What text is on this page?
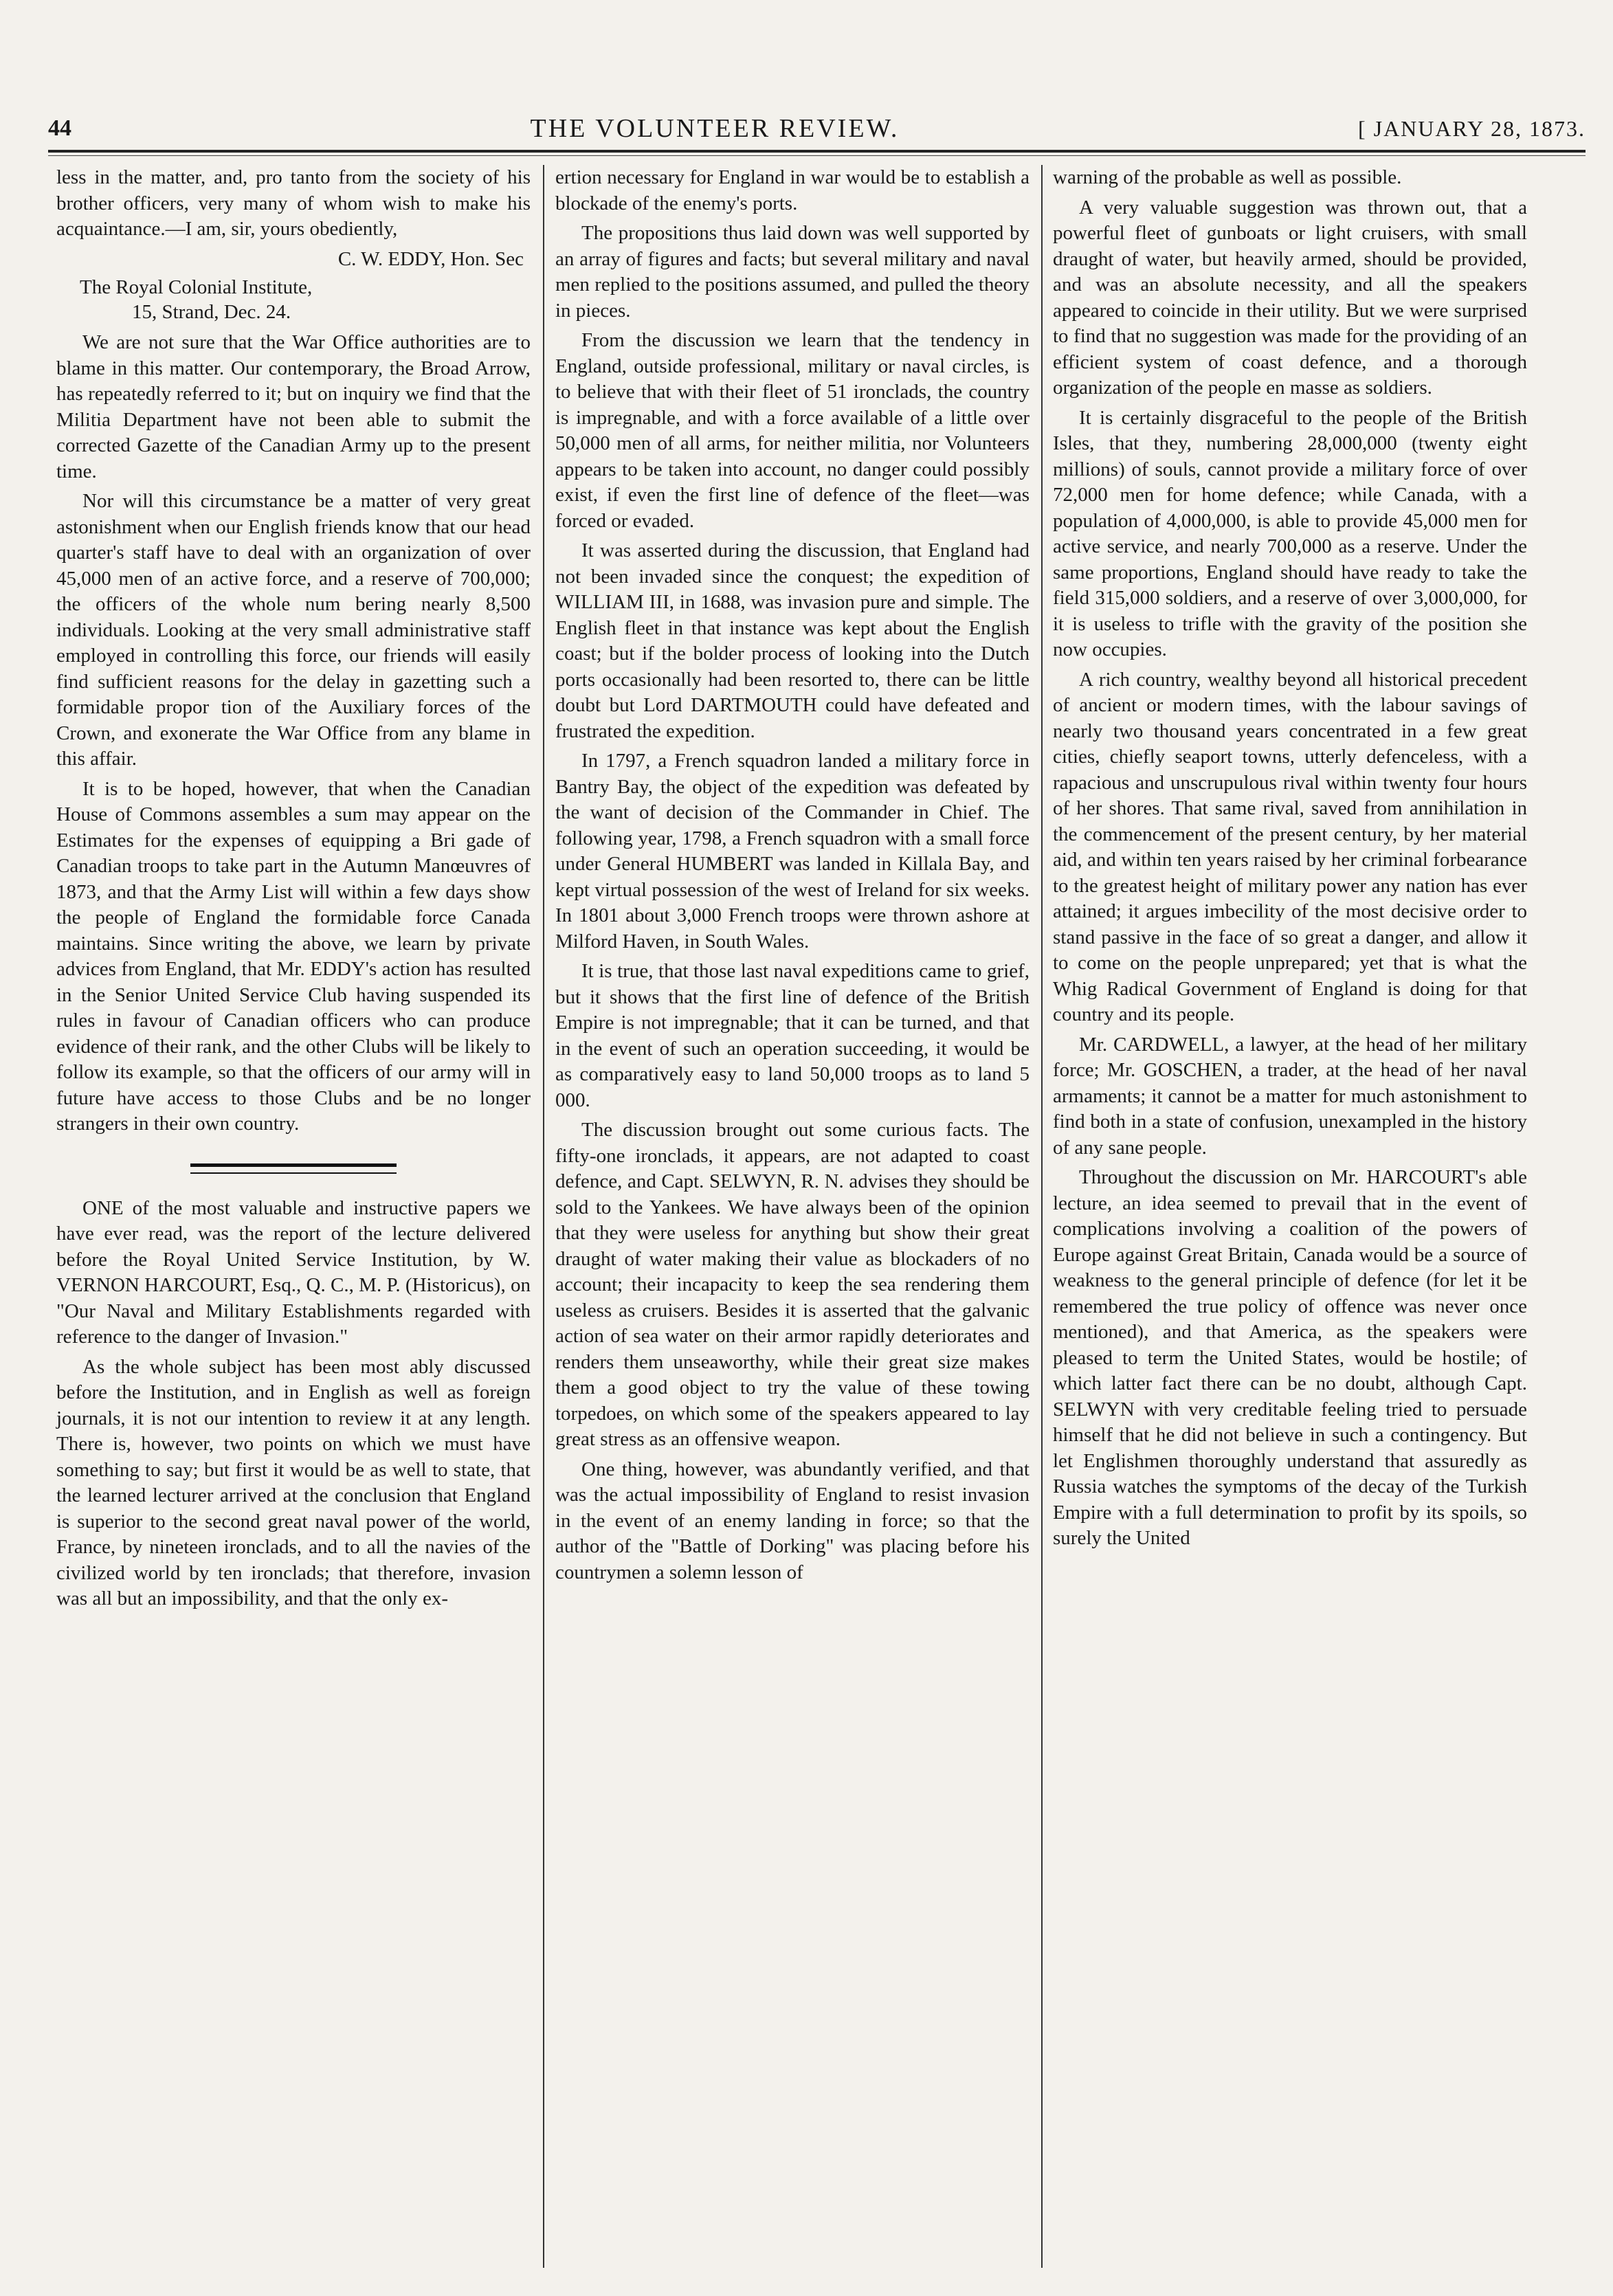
44	THE VOLUNTEER REVIEW.	[ JANUARY 28, 1873.

less in the matter, and, pro tanto from the society of his brother officers, very many of whom wish to make his acquaintance.—I am, sir, yours obediently,

C. W. EDDY, Hon. Sec
The Royal Colonial Institute,
15, Strand, Dec. 24.

We are not sure that the War Office authorities are to blame in this matter. Our contemporary, the Broad Arrow, has repeatedly referred to it; but on inquiry we find that the Militia Department have not been able to submit the corrected Gazette of the Canadian Army up to the present time.

Nor will this circumstance be a matter of very great astonishment when our English friends know that our head quarter's staff have to deal with an organization of over 45,000 men of an active force, and a reserve of 700,000; the officers of the whole num bering nearly 8,500 individuals. Looking at the very small administrative staff employed in controlling this force, our friends will easily find sufficient reasons for the delay in gazetting such a formidable propor tion of the Auxiliary forces of the Crown, and exonerate the War Office from any blame in this affair.

It is to be hoped, however, that when the Canadian House of Commons assembles a sum may appear on the Estimates for the expenses of equipping a Bri gade of Canadian troops to take part in the Autumn Manœuvres of 1873, and that the Army List will within a few days show the people of England the formidable force Canada maintains. Since writing the above, we learn by private advices from England, that Mr. EDDY's action has resulted in the Senior United Service Club having suspended its rules in favour of Canadian officers who can produce evidence of their rank, and the other Clubs will be likely to follow its example, so that the officers of our army will in future have access to those Clubs and be no longer strangers in their own country.

ONE of the most valuable and instructive papers we have ever read, was the report of the lecture delivered before the Royal United Service Institution, by W. VERNON HARCOURT, Esq., Q. C., M. P. (Historicus), on "Our Naval and Military Establishments regarded with reference to the danger of Invasion."

As the whole subject has been most ably discussed before the Institution, and in English as well as foreign journals, it is not our intention to review it at any length. There is, however, two points on which we must have something to say; but first it would be as well to state, that the learned lecturer arrived at the conclusion that England is superior to the second great naval power of the world, France, by nineteen ironclads, and to all the navies of the civilized world by ten ironclads; that therefore, invasion was all but an impossibility, and that the only ex-

ertion necessary for England in war would be to establish a blockade of the enemy's ports.

The propositions thus laid down was well supported by an array of figures and facts; but several military and naval men replied to the positions assumed, and pulled the theory in pieces.

From the discussion we learn that the tendency in England, outside professional, military or naval circles, is to believe that with their fleet of 51 ironclads, the country is impregnable, and with a force available of a little over 50,000 men of all arms, for neither militia, nor Volunteers appears to be taken into account, no danger could possibly exist, if even the first line of defence of the fleet—was forced or evaded.

It was asserted during the discussion, that England had not been invaded since the conquest; the expedition of WILLIAM III, in 1688, was invasion pure and simple. The English fleet in that instance was kept about the English coast; but if the bolder process of looking into the Dutch ports occasionally had been resorted to, there can be little doubt but Lord DARTMOUTH could have defeated and frustrated the expedition.

In 1797, a French squadron landed a military force in Bantry Bay, the object of the expedition was defeated by the want of decision of the Commander in Chief. The following year, 1798, a French squadron with a small force under General HUMBERT was landed in Killala Bay, and kept virtual possession of the west of Ireland for six weeks. In 1801 about 3,000 French troops were thrown ashore at Milford Haven, in South Wales.

It is true, that those last naval expeditions came to grief, but it shows that the first line of defence of the British Empire is not impregnable; that it can be turned, and that in the event of such an operation succeeding, it would be as comparatively easy to land 50,000 troops as to land 5 000.

The discussion brought out some curious facts. The fifty-one ironclads, it appears, are not adapted to coast defence, and Capt. SELWYN, R. N. advises they should be sold to the Yankees. We have always been of the opinion that they were useless for anything but show their great draught of water making their value as blockaders of no account; their incapacity to keep the sea rendering them useless as cruisers. Besides it is asserted that the galvanic action of sea water on their armor rapidly deteriorates and renders them unseaworthy, while their great size makes them a good object to try the value of these towing torpedoes, on which some of the speakers appeared to lay great stress as an offensive weapon.

One thing, however, was abundantly verified, and that was the actual impossibility of England to resist invasion in the event of an enemy landing in force; so that the author of the "Battle of Dorking" was placing before his countrymen a solemn lesson of

warning of the probable as well as possible.

A very valuable suggestion was thrown out, that a powerful fleet of gunboats or light cruisers, with small draught of water, but heavily armed, should be provided, and was an absolute necessity, and all the speakers appeared to coincide in their utility. But we were surprised to find that no suggestion was made for the providing of an efficient system of coast defence, and a thorough organization of the people en masse as soldiers.

It is certainly disgraceful to the people of the British Isles, that they, numbering 28,000,000 (twenty eight millions) of souls, cannot provide a military force of over 72,000 men for home defence; while Canada, with a population of 4,000,000, is able to provide 45,000 men for active service, and nearly 700,000 as a reserve. Under the same proportions, England should have ready to take the field 315,000 soldiers, and a reserve of over 3,000,000, for it is useless to trifle with the gravity of the position she now occupies.

A rich country, wealthy beyond all historical precedent of ancient or modern times, with the labour savings of nearly two thousand years concentrated in a few great cities, chiefly seaport towns, utterly defenceless, with a rapacious and unscrupulous rival within twenty four hours of her shores. That same rival, saved from annihilation in the commencement of the present century, by her material aid, and within ten years raised by her criminal forbearance to the greatest height of military power any nation has ever attained; it argues imbecility of the most decisive order to stand passive in the face of so great a danger, and allow it to come on the people unprepared; yet that is what the Whig Radical Government of England is doing for that country and its people.

Mr. CARDWELL, a lawyer, at the head of her military force; Mr. GOSCHEN, a trader, at the head of her naval armaments; it cannot be a matter for much astonishment to find both in a state of confusion, unexampled in the history of any sane people.

Throughout the discussion on Mr. HARCOURT's able lecture, an idea seemed to prevail that in the event of complications involving a coalition of the powers of Europe against Great Britain, Canada would be a source of weakness to the general principle of defence (for let it be remembered the true policy of offence was never once mentioned), and that America, as the speakers were pleased to term the United States, would be hostile; of which latter fact there can be no doubt, although Capt. SELWYN with very creditable feeling tried to persuade himself that he did not believe in such a contingency. But let Englishmen thoroughly understand that assuredly as Russia watches the symptoms of the decay of the Turkish Empire with a full determination to profit by its spoils, so surely the United
